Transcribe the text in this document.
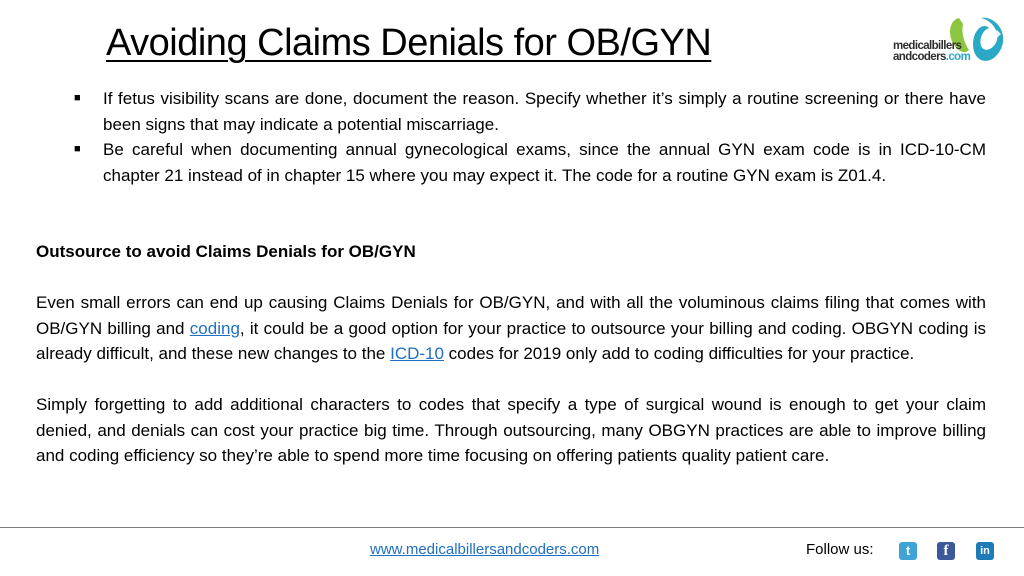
Avoiding Claims Denials for OB/GYN	medicalbillers
andcoders.com
■ If fetus visibility scans are done, document the reason. Specify whether it’s simply a routine screening or there have been signs that may indicate a potential miscarriage.
■ Be careful when documenting annual gynecological exams, since the annual GYN exam code is in ICD-10-CM chapter 21 instead of in chapter 15 where you may expect it. The code for a routine GYN exam is Z01.4.

Outsource to avoid Claims Denials for OB/GYN

Even small errors can end up causing Claims Denials for OB/GYN, and with all the voluminous claims filing that comes with OB/GYN billing and coding, it could be a good option for your practice to outsource your billing and coding. OBGYN coding is already difficult, and these new changes to the ICD-10 codes for 2019 only add to coding difficulties for your practice.

Simply forgetting to add additional characters to codes that specify a type of surgical wound is enough to get your claim denied, and denials can cost your practice big time. Through outsourcing, many OBGYN practices are able to improve billing and coding efficiency so they’re able to spend more time focusing on offering patients quality patient care.

www.medicalbillersandcoders.com	Follow us:	t	f	in
